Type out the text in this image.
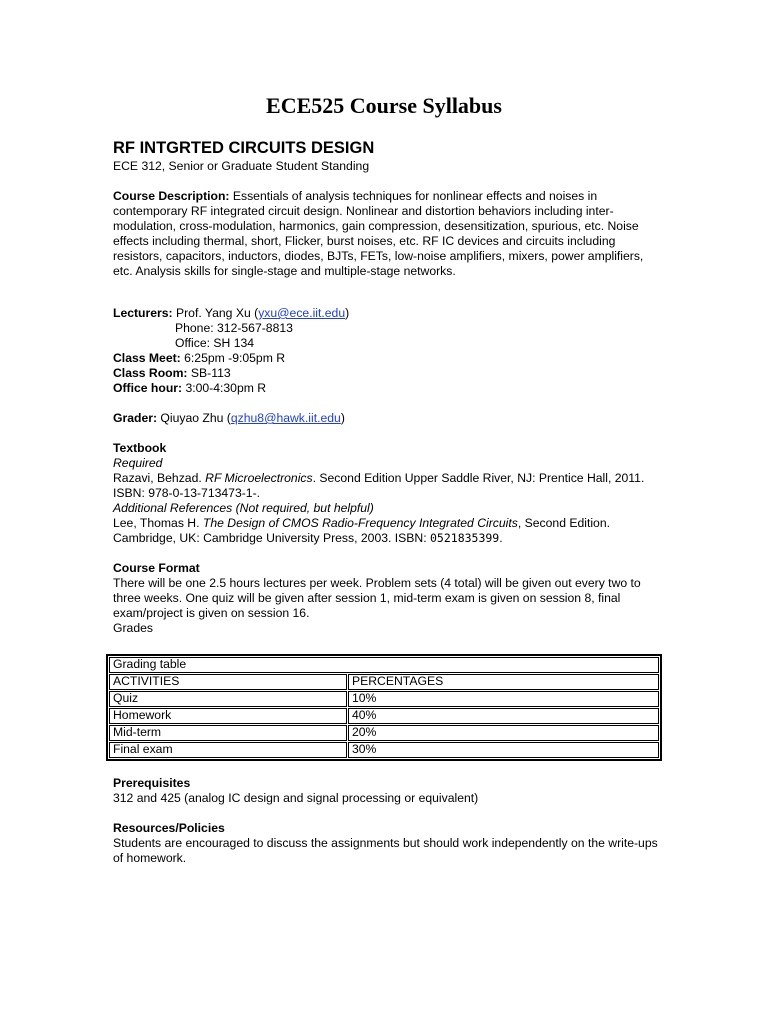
ECE525 Course Syllabus
RF INTGRTED CIRCUITS DESIGN
ECE 312, Senior or Graduate Student Standing
Course Description: Essentials of analysis techniques for nonlinear effects and noises in contemporary RF integrated circuit design. Nonlinear and distortion behaviors including inter-modulation, cross-modulation, harmonics, gain compression, desensitization, spurious, etc. Noise effects including thermal, short, Flicker, burst noises, etc. RF IC devices and circuits including resistors, capacitors, inductors, diodes, BJTs, FETs, low-noise amplifiers, mixers, power amplifiers, etc. Analysis skills for single-stage and multiple-stage networks.
Lecturers: Prof. Yang Xu (yxu@ece.iit.edu)
Phone: 312-567-8813
Office: SH 134
Class Meet: 6:25pm -9:05pm R
Class Room: SB-113
Office hour: 3:00-4:30pm R
Grader: Qiuyao Zhu (qzhu8@hawk.iit.edu)
Textbook
Required
Razavi, Behzad. RF Microelectronics. Second Edition Upper Saddle River, NJ: Prentice Hall, 2011. ISBN: 978-0-13-713473-1-.
Additional References (Not required, but helpful)
Lee, Thomas H. The Design of CMOS Radio-Frequency Integrated Circuits, Second Edition. Cambridge, UK: Cambridge University Press, 2003. ISBN: 0521835399.
Course Format
There will be one 2.5 hours lectures per week. Problem sets (4 total) will be given out every two to three weeks. One quiz will be given after session 1, mid-term exam is given on session 8, final exam/project is given on session 16.
Grades
Grading table	
ACTIVITIES	PERCENTAGES
Quiz	10%
Homework	40%
Mid-term	20%
Final exam	30%
Prerequisites
312 and 425 (analog IC design and signal processing or equivalent)
Resources/Policies
Students are encouraged to discuss the assignments but should work independently on the write-ups of homework.
